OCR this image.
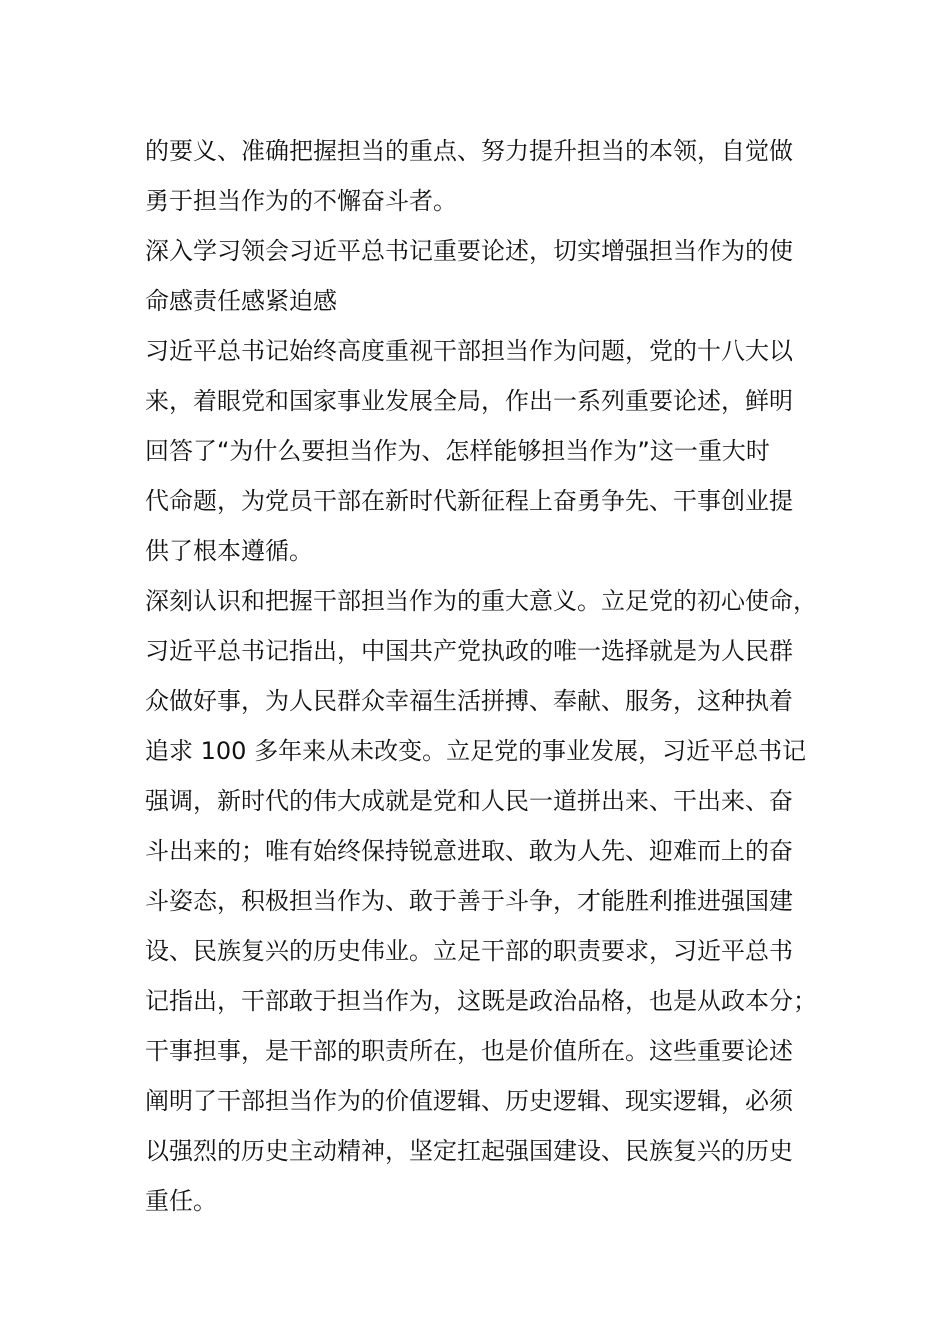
的要义、准确把握担当的重点、努力提升担当的本领，自觉做
勇于担当作为的不懈奋斗者。

深入学习领会习近平总书记重要论述，切实增强担当作为的使
命感责任感紧迫感

习近平总书记始终高度重视干部担当作为问题，党的十八大以
来，着眼党和国家事业发展全局，作出一系列重要论述，鲜明
回答了“为什么要担当作为、怎样能够担当作为”这一重大时
代命题，为党员干部在新时代新征程上奋勇争先、干事创业提
供了根本遵循。

深刻认识和把握干部担当作为的重大意义。立足党的初心使命，
习近平总书记指出，中国共产党执政的唯一选择就是为人民群
众做好事，为人民群众幸福生活拼搏、奉献、服务，这种执着
追求 100 多年来从未改变。立足党的事业发展，习近平总书记
强调，新时代的伟大成就是党和人民一道拼出来、干出来、奋
斗出来的；唯有始终保持锐意进取、敢为人先、迎难而上的奋
斗姿态，积极担当作为、敢于善于斗争，才能胜利推进强国建
设、民族复兴的历史伟业。立足干部的职责要求，习近平总书
记指出，干部敢于担当作为，这既是政治品格，也是从政本分；
干事担事，是干部的职责所在，也是价值所在。这些重要论述
阐明了干部担当作为的价值逻辑、历史逻辑、现实逻辑，必须
以强烈的历史主动精神，坚定扛起强国建设、民族复兴的历史
重任。
